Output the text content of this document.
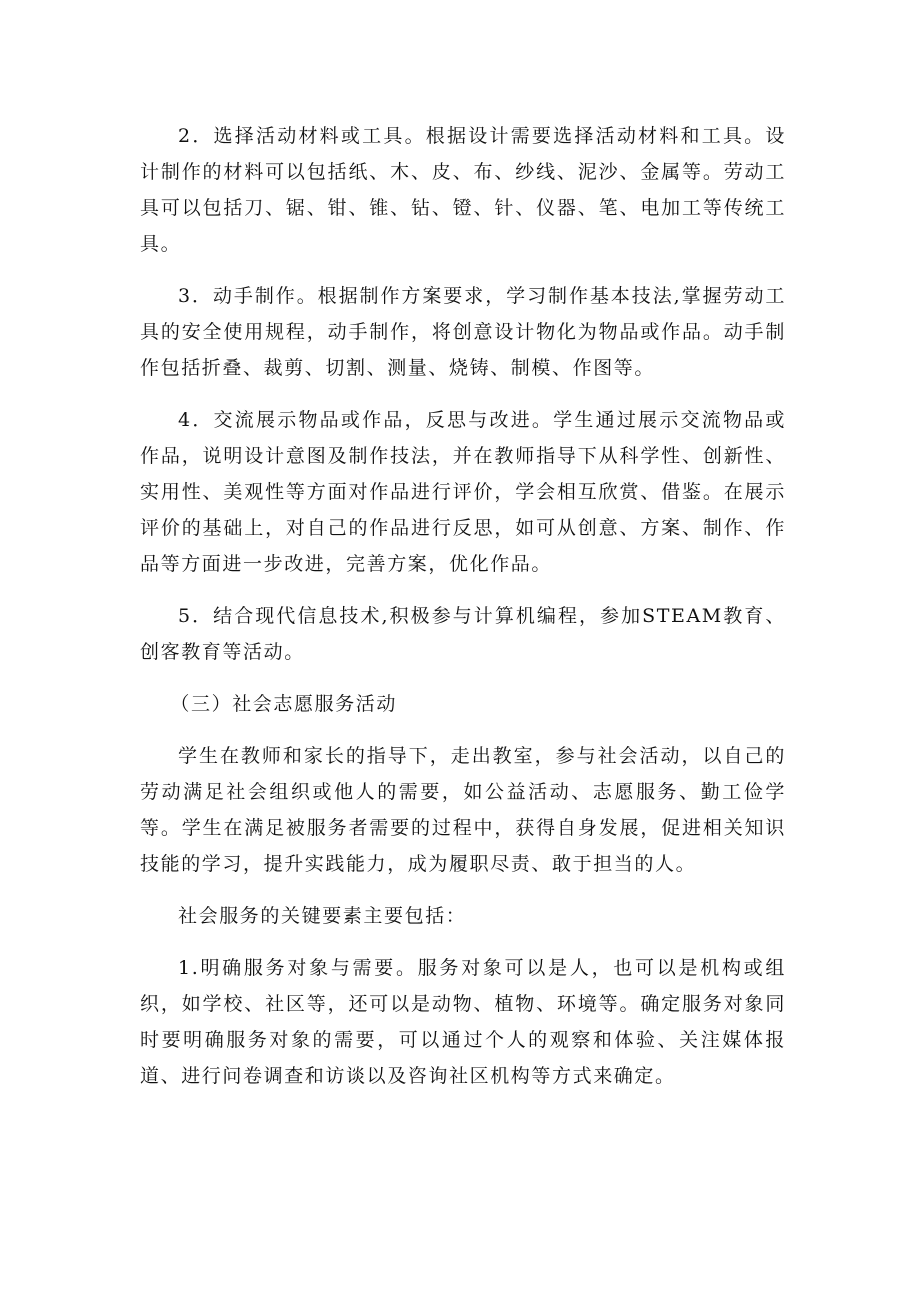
2．选择活动材料或工具。根据设计需要选择活动材料和工具。设计制作的材料可以包括纸、木、皮、布、纱线、泥沙、金属等。劳动工具可以包括刀、锯、钳、锥、钻、镫、针、仪器、笔、电加工等传统工具。

3．动手制作。根据制作方案要求，学习制作基本技法,掌握劳动工具的安全使用规程，动手制作，将创意设计物化为物品或作品。动手制作包括折叠、裁剪、切割、测量、烧铸、制模、作图等。

4．交流展示物品或作品，反思与改进。学生通过展示交流物品或作品，说明设计意图及制作技法，并在教师指导下从科学性、创新性、实用性、美观性等方面对作品进行评价，学会相互欣赏、借鉴。在展示评价的基础上，对自己的作品进行反思，如可从创意、方案、制作、作品等方面进一步改进，完善方案，优化作品。

5．结合现代信息技术,积极参与计算机编程，参加STEAM教育、创客教育等活动。

（三）社会志愿服务活动

学生在教师和家长的指导下，走出教室，参与社会活动，以自己的劳动满足社会组织或他人的需要，如公益活动、志愿服务、勤工俭学等。学生在满足被服务者需要的过程中，获得自身发展，促进相关知识技能的学习，提升实践能力，成为履职尽责、敢于担当的人。

社会服务的关键要素主要包括：

1.明确服务对象与需要。服务对象可以是人，也可以是机构或组织，如学校、社区等，还可以是动物、植物、环境等。确定服务对象同时要明确服务对象的需要，可以通过个人的观察和体验、关注媒体报道、进行问卷调查和访谈以及咨询社区机构等方式来确定。
